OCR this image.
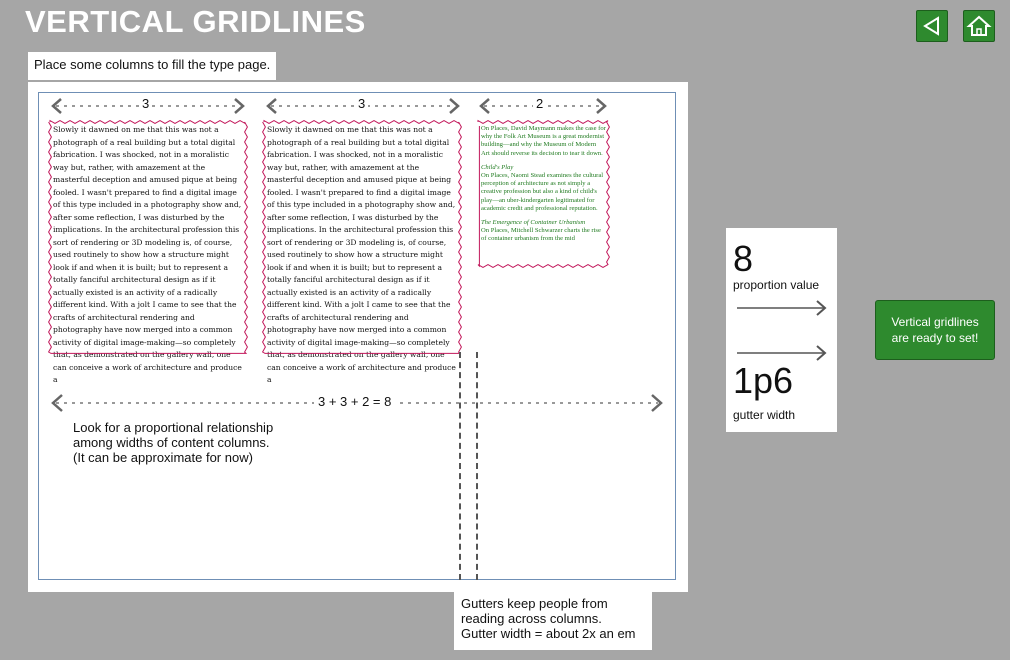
VERTICAL GRIDLINES
Place some columns to fill the type page.
3	3	2
Slowly it dawned on me that this was not a photograph of a real building but a total digital fabrication. I was shocked, not in a moralistic way but, rather, with amazement at the masterful deception and amused pique at being fooled. I wasn't prepared to find a digital image of this type included in a photography show and, after some reflection, I was disturbed by the implications. In the architectural profession this sort of rendering or 3D modeling is, of course, used routinely to show how a structure might look if and when it is built; but to represent a totally fanciful architectural design as if it actually existed is an activity of a radically different kind. With a jolt I came to see that the crafts of architectural rendering and photography have now merged into a common activity of digital image-making—so completely that, as demonstrated on the gallery wall, one can conceive a work of architecture and produce a
Slowly it dawned on me that this was not a photograph of a real building but a total digital fabrication. I was shocked, not in a moralistic way but, rather, with amazement at the masterful deception and amused pique at being fooled. I wasn't prepared to find a digital image of this type included in a photography show and, after some reflection, I was disturbed by the implications. In the architectural profession this sort of rendering or 3D modeling is, of course, used routinely to show how a structure might look if and when it is built; but to represent a totally fanciful architectural design as if it actually existed is an activity of a radically different kind. With a jolt I came to see that the crafts of architectural rendering and photography have now merged into a common activity of digital image-making—so completely that, as demonstrated on the gallery wall, one can conceive a work of architecture and produce a

On Places, David Maymann makes the case for why the Folk Art Museum is a great modernist building—and why the Museum of Modern Art should reverse its decision to tear it down.

Child's Play

On Places, Naomi Stead examines the cultural perception of architecture as not simply a creative profession but also a kind of child's play—an uber-kindergarten legitimated for academic credit and professional reputation.

The Emergence of Container Urbanism

On Places, Mitchell Schwarzer charts the rise of container urbanism from the mid

3 + 3 + 2 = 8
Look for a proportional relationship
among widths of content columns.
(It can be approximate for now)
Gutters keep people from
reading across columns.
Gutter width = about 2x an em
8
proportion value
1p6
gutter width
Vertical gridlines are ready to set!
